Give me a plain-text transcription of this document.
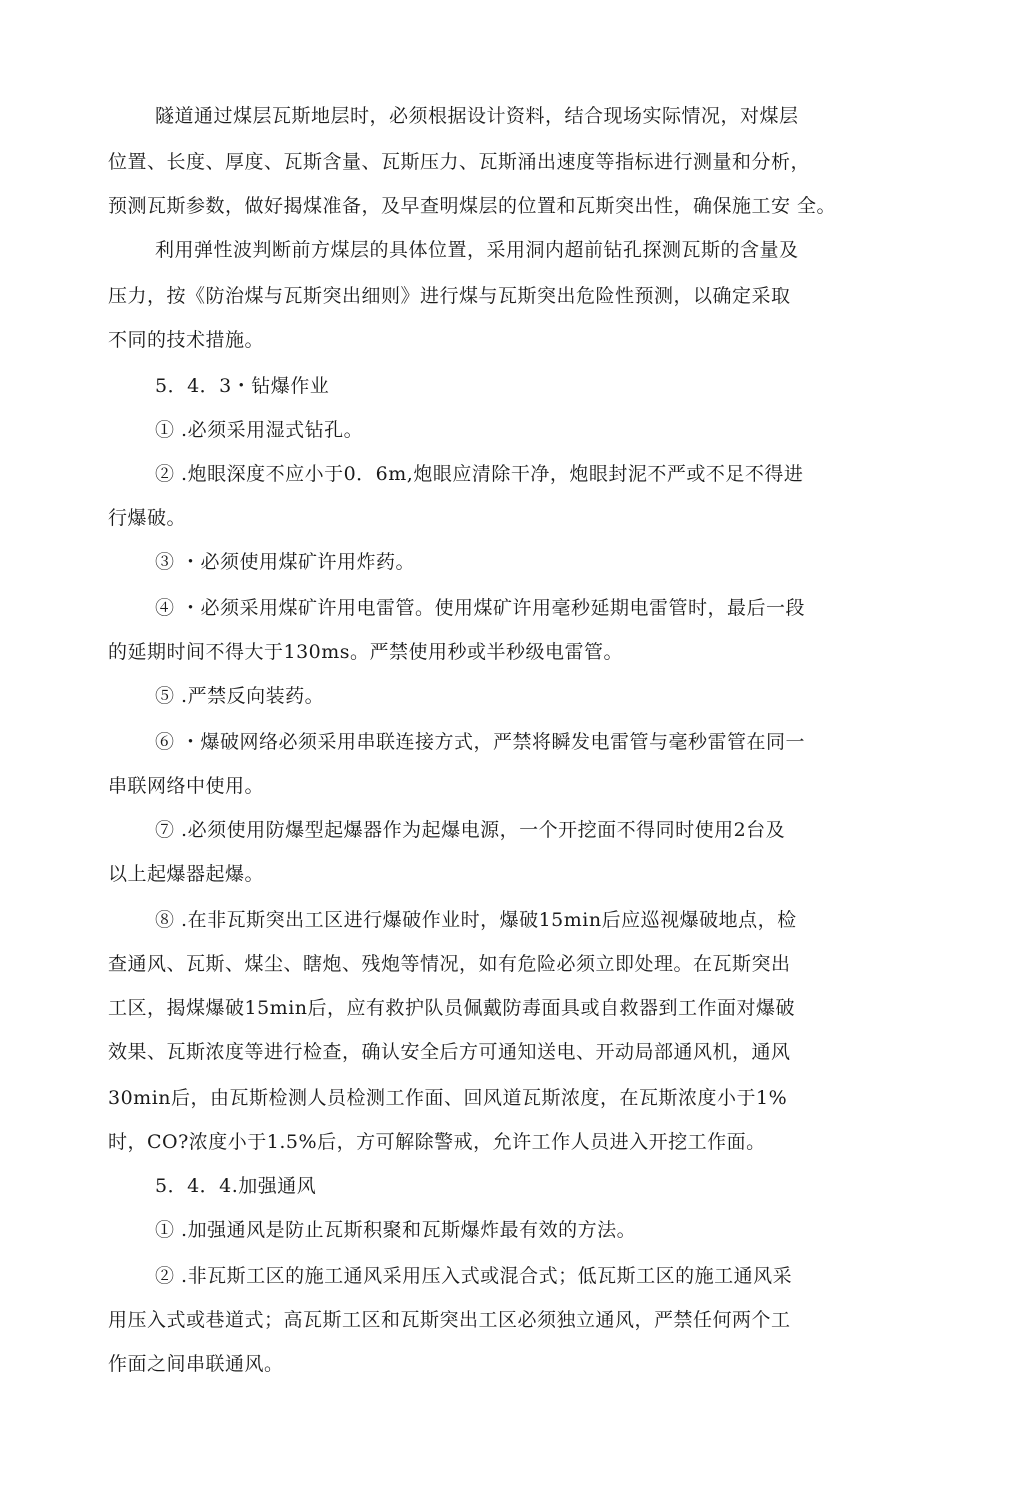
隧道通过煤层瓦斯地层时，必须根据设计资料，结合现场实际情况，对煤层
位置、长度、厚度、瓦斯含量、瓦斯压力、瓦斯涌出速度等指标进行测量和分析，
预测瓦斯参数，做好揭煤准备，及早查明煤层的位置和瓦斯突出性，确保施工安 全。
利用弹性波判断前方煤层的具体位置，采用洞内超前钻孔探测瓦斯的含量及
压力，按《防治煤与瓦斯突出细则》进行煤与瓦斯突出危险性预测，以确定采取
不同的技术措施。
5．4．3・钻爆作业
① .必须采用湿式钻孔。
② .炮眼深度不应小于0．6m,炮眼应清除干净，炮眼封泥不严或不足不得进
行爆破。
③ ・必须使用煤矿许用炸药。
④ ・必须采用煤矿许用电雷管。使用煤矿许用毫秒延期电雷管时，最后一段
的延期时间不得大于130ms。严禁使用秒或半秒级电雷管。
⑤ .严禁反向装药。
⑥ ・爆破网络必须采用串联连接方式，严禁将瞬发电雷管与毫秒雷管在同一
串联网络中使用。
⑦ .必须使用防爆型起爆器作为起爆电源，一个开挖面不得同时使用2台及
以上起爆器起爆。
⑧ .在非瓦斯突出工区进行爆破作业时，爆破15min后应巡视爆破地点，检
查通风、瓦斯、煤尘、瞎炮、残炮等情况，如有危险必须立即处理。在瓦斯突出
工区，揭煤爆破15min后，应有救护队员佩戴防毒面具或自救器到工作面对爆破
效果、瓦斯浓度等进行检查，确认安全后方可通知送电、开动局部通风机，通风
30min后，由瓦斯检测人员检测工作面、回风道瓦斯浓度，在瓦斯浓度小于1%
时，CO?浓度小于1.5%后，方可解除警戒，允许工作人员进入开挖工作面。
5．4．4.加强通风
① .加强通风是防止瓦斯积聚和瓦斯爆炸最有效的方法。
② .非瓦斯工区的施工通风采用压入式或混合式；低瓦斯工区的施工通风采
用压入式或巷道式；高瓦斯工区和瓦斯突出工区必须独立通风，严禁任何两个工
作面之间串联通风。
